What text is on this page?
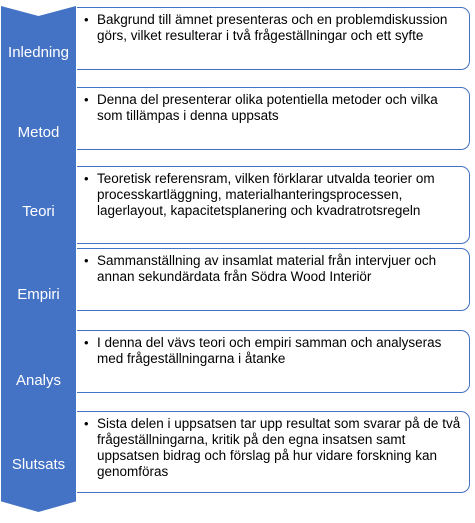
Inledning
• Bakgrund till ämnet presenteras och en problemdiskussion görs, vilket resulterar i två frågeställningar och ett syfte
Metod
• Denna del presenterar olika potentiella metoder och vilka som tillämpas i denna uppsats
Teori
• Teoretisk referensram, vilken förklarar utvalda teorier om processkartläggning, materialhanteringsprocessen, lagerlayout, kapacitetsplanering och kvadratrotsregeln
Empiri
• Sammanställning av insamlat material från intervjuer och annan sekundärdata från Södra Wood Interiör
Analys
• I denna del vävs teori och empiri samman och analyseras med frågeställningarna i åtanke
Slutsats
• Sista delen i uppsatsen tar upp resultat som svarar på de två frågeställningarna, kritik på den egna insatsen samt uppsatsen bidrag och förslag på hur vidare forskning kan genomföras
